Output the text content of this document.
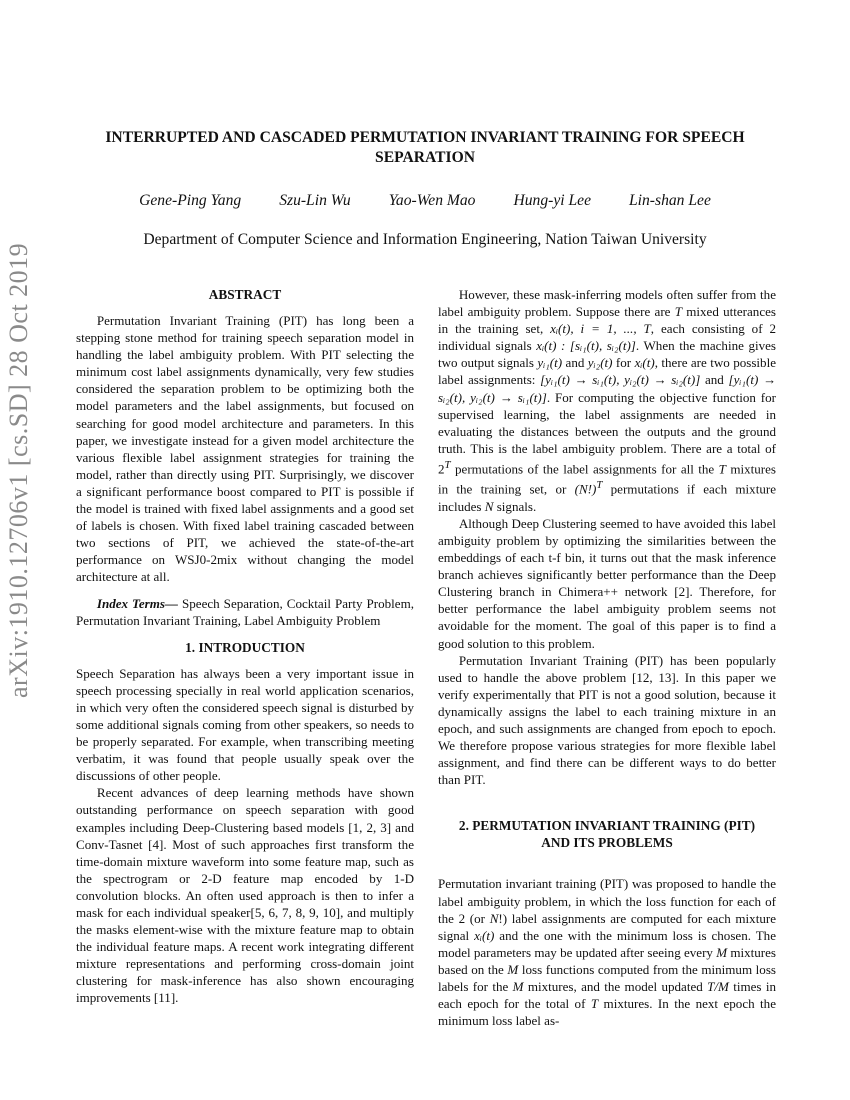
arXiv:1910.12706v1 [cs.SD] 28 Oct 2019
INTERRUPTED AND CASCADED PERMUTATION INVARIANT TRAINING FOR SPEECH SEPARATION
Gene-Ping Yang Szu-Lin Wu Yao-Wen Mao Hung-yi Lee Lin-shan Lee
Department of Computer Science and Information Engineering, Nation Taiwan University
ABSTRACT

Permutation Invariant Training (PIT) has long been a stepping stone method for training speech separation model in handling the label ambiguity problem. With PIT selecting the minimum cost label assignments dynamically, very few studies considered the separation problem to be optimizing both the model parameters and the label assignments, but focused on searching for good model architecture and parameters. In this paper, we investigate instead for a given model architecture the various flexible label assignment strategies for training the model, rather than directly using PIT. Surprisingly, we discover a significant performance boost compared to PIT is possible if the model is trained with fixed label assignments and a good set of labels is chosen. With fixed label training cascaded between two sections of PIT, we achieved the state-of-the-art performance on WSJ0-2mix without changing the model architecture at all.

Index Terms— Speech Separation, Cocktail Party Problem, Permutation Invariant Training, Label Ambiguity Problem

1. INTRODUCTION

Speech Separation has always been a very important issue in speech processing specially in real world application scenarios, in which very often the considered speech signal is disturbed by some additional signals coming from other speakers, so needs to be properly separated. For example, when transcribing meeting verbatim, it was found that people usually speak over the discussions of other people.

Recent advances of deep learning methods have shown outstanding performance on speech separation with good examples including Deep-Clustering based models [1, 2, 3] and Conv-Tasnet [4]. Most of such approaches first transform the time-domain mixture waveform into some feature map, such as the spectrogram or 2-D feature map encoded by 1-D convolution blocks. An often used approach is then to infer a mask for each individual speaker[5, 6, 7, 8, 9, 10], and multiply the masks element-wise with the mixture feature map to obtain the individual feature maps. A recent work integrating different mixture representations and performing cross-domain joint clustering for mask-inference has also shown encouraging improvements [11].

However, these mask-inferring models often suffer from the label ambiguity problem. Suppose there are T mixed utterances in the training set, xᵢ(t), i = 1, ..., T, each consisting of 2 individual signals xᵢ(t) : [sᵢ₁(t), sᵢ₂(t)]. When the machine gives two output signals yᵢ₁(t) and yᵢ₂(t) for xᵢ(t), there are two possible label assignments: [yᵢ₁(t) → sᵢ₁(t), yᵢ₂(t) → sᵢ₂(t)] and [yᵢ₁(t) → sᵢ₂(t), yᵢ₂(t) → sᵢ₁(t)]. For computing the objective function for supervised learning, the label assignments are needed in evaluating the distances between the outputs and the ground truth. This is the label ambiguity problem. There are a total of $2^T$ permutations of the label assignments for all the T mixtures in the training set, or $(N!)^T$ permutations if each mixture includes N signals.

Although Deep Clustering seemed to have avoided this label ambiguity problem by optimizing the similarities between the embeddings of each t-f bin, it turns out that the mask inference branch achieves significantly better performance than the Deep Clustering branch in Chimera++ network [2]. Therefore, for better performance the label ambiguity problem seems not avoidable for the moment. The goal of this paper is to find a good solution to this problem.

Permutation Invariant Training (PIT) has been popularly used to handle the above problem [12, 13]. In this paper we verify experimentally that PIT is not a good solution, because it dynamically assigns the label to each training mixture in an epoch, and such assignments are changed from epoch to epoch. We therefore propose various strategies for more flexible label assignment, and find there can be different ways to do better than PIT.

2. PERMUTATION INVARIANT TRAINING (PIT)
AND ITS PROBLEMS

Permutation invariant training (PIT) was proposed to handle the label ambiguity problem, in which the loss function for each of the 2 (or N!) label assignments are computed for each mixture signal xᵢ(t) and the one with the minimum loss is chosen. The model parameters may be updated after seeing every M mixtures based on the M loss functions computed from the minimum loss labels for the M mixtures, and the model updated T/M times in each epoch for the total of T mixtures. In the next epoch the minimum loss label as-
